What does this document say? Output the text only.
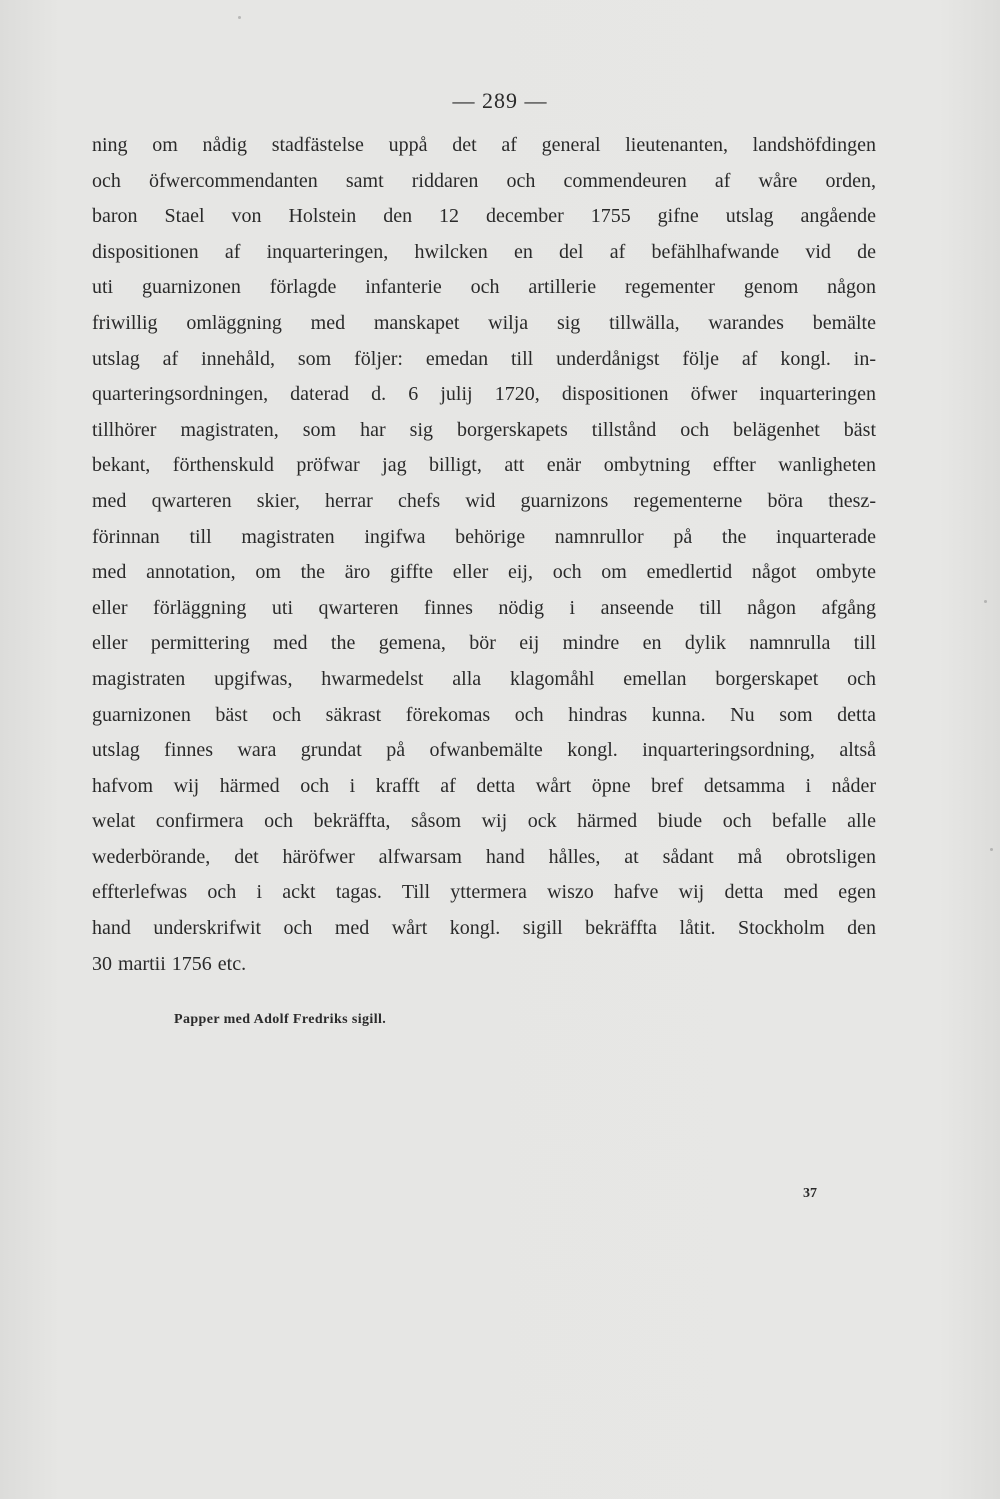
— 289 —
ning om nådig stadfästelse uppå det af general lieutenanten, landshöfdingen
och öfwercommendanten samt riddaren och commendeuren af wåre orden,
baron Stael von Holstein den 12 december 1755 gifne utslag angående
dispositionen af inquarteringen, hwilcken en del af befählhafwande vid de
uti guarnizonen förlagde infanterie och artillerie regementer genom någon
friwillig omläggning med manskapet wilja sig tillwälla, warandes bemälte
utslag af innehåld, som följer: emedan till underdånigst följe af kongl. in-
quarteringsordningen, daterad d. 6 julij 1720, dispositionen öfwer inquarteringen
tillhörer magistraten, som har sig borgerskapets tillstånd och belägenhet bäst
bekant, förthenskuld pröfwar jag billigt, att enär ombytning effter wanligheten
med qwarteren skier, herrar chefs wid guarnizons regementerne böra thesz-
förinnan till magistraten ingifwa behörige namnrullor på the inquarterade
med annotation, om the äro giffte eller eij, och om emedlertid något ombyte
eller förläggning uti qwarteren finnes nödig i anseende till någon afgång
eller permittering med the gemena, bör eij mindre en dylik namnrulla till
magistraten upgifwas, hwarmedelst alla klagomåhl emellan borgerskapet och
guarnizonen bäst och säkrast förekomas och hindras kunna. Nu som detta
utslag finnes wara grundat på ofwanbemälte kongl. inquarteringsordning, altså
hafvom wij härmed och i krafft af detta wårt öpne bref detsamma i nåder
welat confirmera och bekräffta, såsom wij ock härmed biude och befalle alle
wederbörande, det häröfwer alfwarsam hand hålles, at sådant må obrotsligen
effterlefwas och i ackt tagas. Till yttermera wiszo hafve wij detta med egen
hand underskrifwit och med wårt kongl. sigill bekräffta låtit. Stockholm den
30 martii 1756 etc.
Papper med Adolf Fredriks sigill.
37
